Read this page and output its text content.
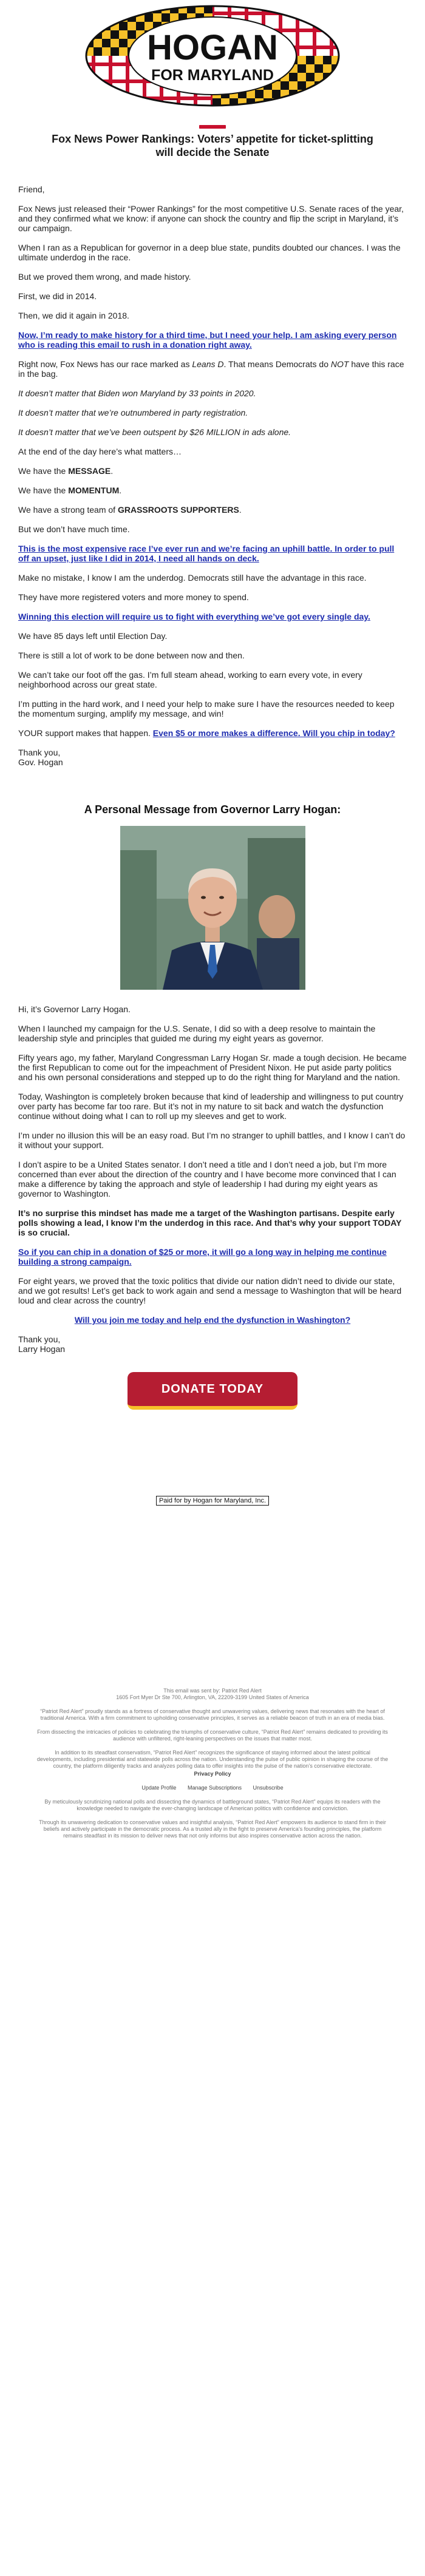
HOGAN
FOR MARYLAND
Fox News Power Rankings: Voters’ appetite for ticket-splitting will decide the Senate

Friend,

Fox News just released their “Power Rankings” for the most competitive U.S. Senate races of the year, and they confirmed what we know: if anyone can shock the country and flip the script in Maryland, it’s our campaign.

When I ran as a Republican for governor in a deep blue state, pundits doubted our chances. I was the ultimate underdog in the race.

But we proved them wrong, and made history.

First, we did in 2014.

Then, we did it again in 2018.

Now, I’m ready to make history for a third time, but I need your help. I am asking every person who is reading this email to rush in a donation right away.

Right now, Fox News has our race marked as Leans D. That means Democrats do NOT have this race in the bag.

It doesn’t matter that Biden won Maryland by 33 points in 2020.

It doesn’t matter that we’re outnumbered in party registration.

It doesn’t matter that we’ve been outspent by $26 MILLION in ads alone.

At the end of the day here’s what matters…

We have the MESSAGE.

We have the MOMENTUM.

We have a strong team of GRASSROOTS SUPPORTERS.

But we don’t have much time.

This is the most expensive race I’ve ever run and we’re facing an uphill battle. In order to pull off an upset, just like I did in 2014, I need all hands on deck.

Make no mistake, I know I am the underdog. Democrats still have the advantage in this race.

They have more registered voters and more money to spend.

Winning this election will require us to fight with everything we’ve got every single day.

We have 85 days left until Election Day.

There is still a lot of work to be done between now and then.

We can’t take our foot off the gas. I’m full steam ahead, working to earn every vote, in every neighborhood across our great state.

I’m putting in the hard work, and I need your help to make sure I have the resources needed to keep the momentum surging, amplify my message, and win!

YOUR support makes that happen. Even $5 or more makes a difference. Will you chip in today?

Thank you,
Gov. Hogan

A Personal Message from Governor Larry Hogan:

Hi, it’s Governor Larry Hogan.

When I launched my campaign for the U.S. Senate, I did so with a deep resolve to maintain the leadership style and principles that guided me during my eight years as governor.

Fifty years ago, my father, Maryland Congressman Larry Hogan Sr. made a tough decision. He became the first Republican to come out for the impeachment of President Nixon. He put aside party politics and his own personal considerations and stepped up to do the right thing for Maryland and the nation.

Today, Washington is completely broken because that kind of leadership and willingness to put country over party has become far too rare. But it’s not in my nature to sit back and watch the dysfunction continue without doing what I can to roll up my sleeves and get to work.

I’m under no illusion this will be an easy road. But I’m no stranger to uphill battles, and I know I can’t do it without your support.

I don’t aspire to be a United States senator. I don’t need a title and I don’t need a job, but I’m more concerned than ever about the direction of the country and I have become more convinced that I can make a difference by taking the approach and style of leadership I had during my eight years as governor to Washington.

It’s no surprise this mindset has made me a target of the Washington partisans. Despite early polls showing a lead, I know I’m the underdog in this race. And that’s why your support TODAY is so crucial.

So if you can chip in a donation of $25 or more, it will go a long way in helping me continue building a strong campaign.

For eight years, we proved that the toxic politics that divide our nation didn’t need to divide our state, and we got results! Let’s get back to work again and send a message to Washington that will be heard loud and clear across the country!

Will you join me today and help end the dysfunction in Washington?

Thank you,
Larry Hogan

DONATE TODAY
Paid for by Hogan for Maryland, Inc.

This email was sent by: Patriot Red Alert

1605 Fort Myer Dr Ste 700, Arlington, VA, 22209-3199 United States of America

“Patriot Red Alert” proudly stands as a fortress of conservative thought and unwavering values, delivering news that resonates with the heart of traditional America. With a firm commitment to upholding conservative principles, it serves as a reliable beacon of truth in an era of media bias.

From dissecting the intricacies of policies to celebrating the triumphs of conservative culture, “Patriot Red Alert” remains dedicated to providing its audience with unfiltered, right-leaning perspectives on the issues that matter most.

In addition to its steadfast conservatism, “Patriot Red Alert” recognizes the significance of staying informed about the latest political developments, including presidential and statewide polls across the nation. Understanding the pulse of public opinion in shaping the course of the country, the platform diligently tracks and analyzes polling data to offer insights into the pulse of the nation’s conservative electorate.

Privacy Policy

Update Profile Manage Subscriptions Unsubscribe

By meticulously scrutinizing national polls and dissecting the dynamics of battleground states, “Patriot Red Alert” equips its readers with the knowledge needed to navigate the ever-changing landscape of American politics with confidence and conviction.

Through its unwavering dedication to conservative values and insightful analysis, “Patriot Red Alert” empowers its audience to stand firm in their beliefs and actively participate in the democratic process. As a trusted ally in the fight to preserve America’s founding principles, the platform remains steadfast in its mission to deliver news that not only informs but also inspires conservative action across the nation.
